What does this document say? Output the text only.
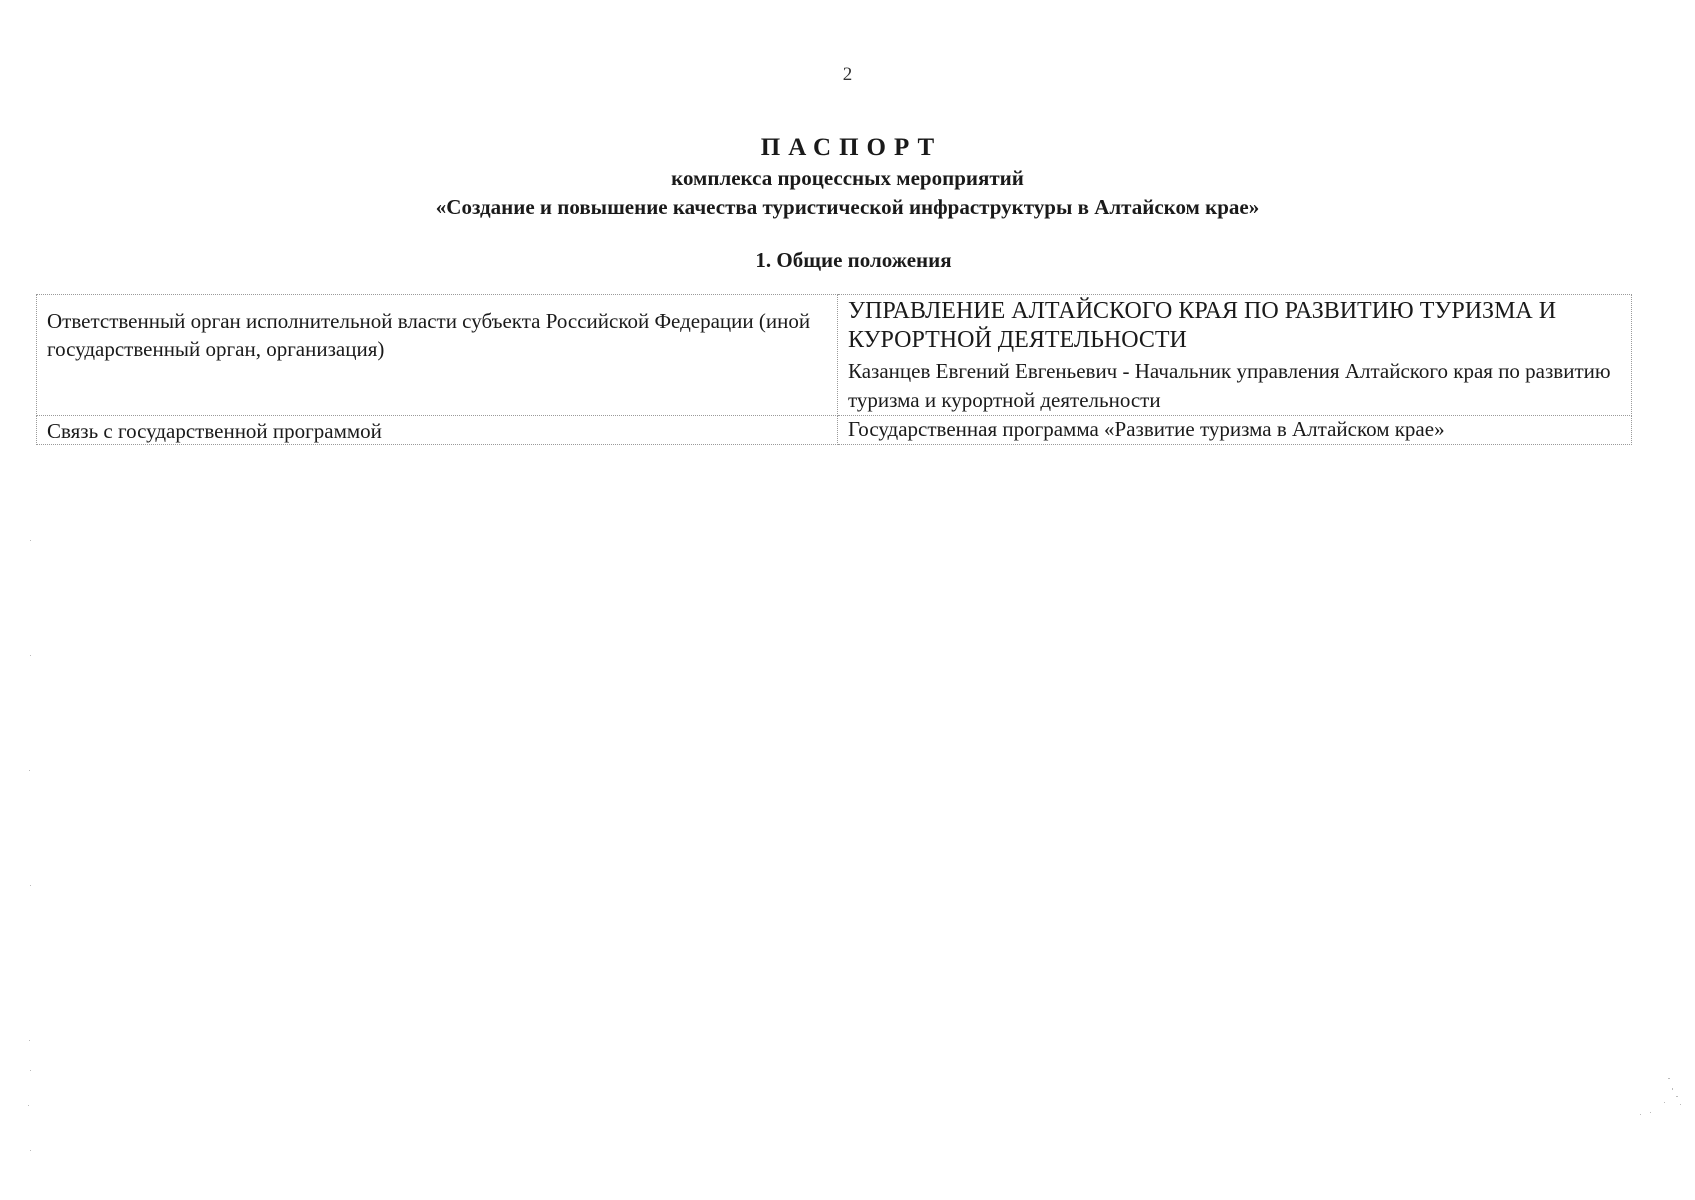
2
ПАСПОРТ
комплекса процессных мероприятий
«Создание и повышение качества туристической инфраструктуры в Алтайском крае»
1. Общие положения
Ответственный орган исполнительной власти субъекта Российской Федерации (иной государственный орган, организация)	УПРАВЛЕНИЕ АЛТАЙСКОГО КРАЯ ПО РАЗВИТИЮ ТУРИЗМА И КУРОРТНОЙ ДЕЯТЕЛЬНОСТИ
Казанцев Евгений Евгеньевич - Начальник управления Алтайского края по развитию туризма и курортной деятельности

Связь с государственной программой	Государственная программа «Развитие туризма в Алтайском крае»
